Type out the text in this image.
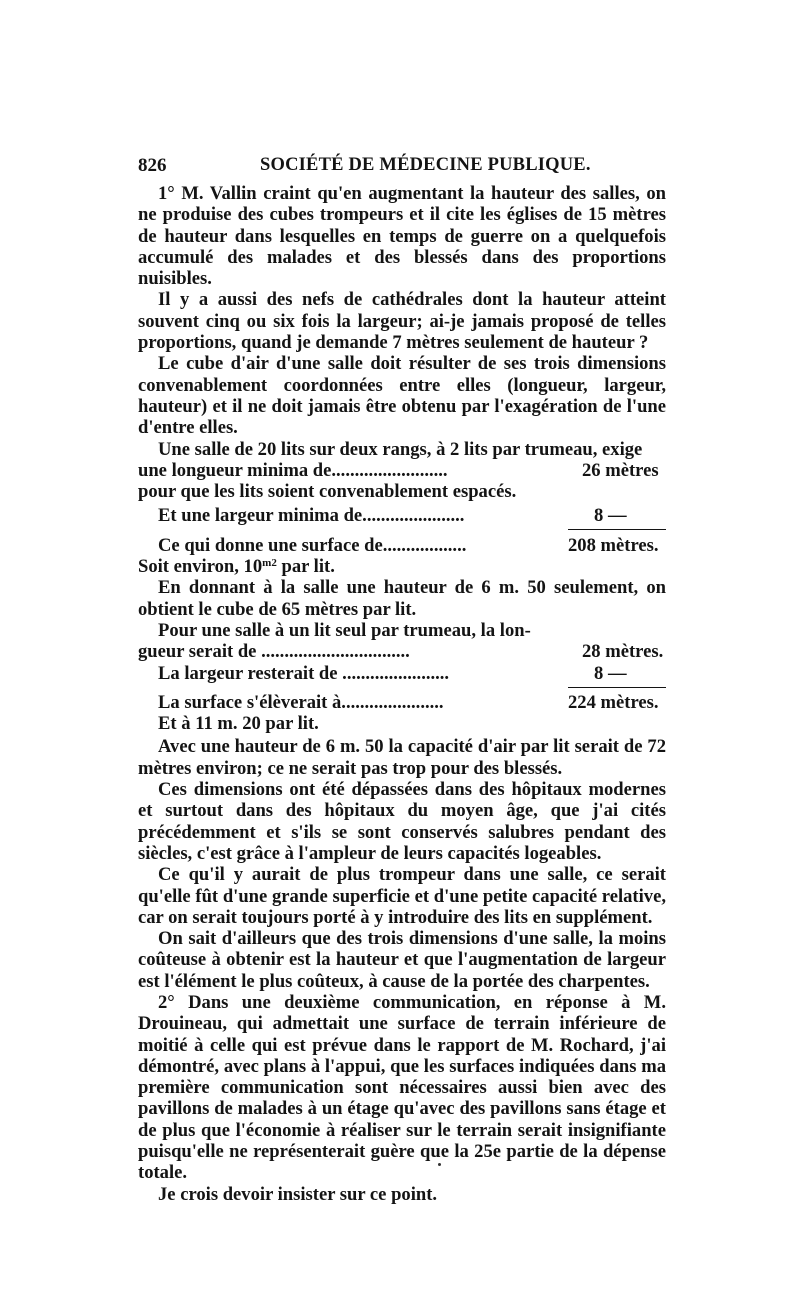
826	SOCIÉTÉ DE MÉDECINE PUBLIQUE.

1° M. Vallin craint qu'en augmentant la hauteur des salles, on ne produise des cubes trompeurs et il cite les églises de 15 mètres de hauteur dans lesquelles en temps de guerre on a quelquefois accumulé des malades et des blessés dans des proportions nuisibles.

Il y a aussi des nefs de cathédrales dont la hauteur atteint souvent cinq ou six fois la largeur; ai-je jamais proposé de telles proportions, quand je demande 7 mètres seulement de hauteur ?

Le cube d'air d'une salle doit résulter de ses trois dimensions convenablement coordonnées entre elles (longueur, largeur, hauteur) et il ne doit jamais être obtenu par l'exagération de l'une d'entre elles.

Une salle de 20 lits sur deux rangs, à 2 lits par trumeau, exige

une longueur minima de.........................	26 mètres
pour que les lits soient convenablement espacés.
Et une largeur minima de......................	8 —
Ce qui donne une surface de..................	208 mètres.
Soit environ, $10^{m2}$ par lit.

En donnant à la salle une hauteur de 6 m. 50 seulement, on obtient le cube de 65 mètres par lit.

Pour une salle à un lit seul par trumeau, la lon-

gueur serait de ................................	28 mètres.
La largeur resterait de .......................	8 —
La surface s'élèverait à......................	224 mètres.
Et à 11 m. 20 par lit.

Avec une hauteur de 6 m. 50 la capacité d'air par lit serait de 72 mètres environ; ce ne serait pas trop pour des blessés.

Ces dimensions ont été dépassées dans des hôpitaux modernes et surtout dans des hôpitaux du moyen âge, que j'ai cités précédemment et s'ils se sont conservés salubres pendant des siècles, c'est grâce à l'ampleur de leurs capacités logeables.

Ce qu'il y aurait de plus trompeur dans une salle, ce serait qu'elle fût d'une grande superficie et d'une petite capacité relative, car on serait toujours porté à y introduire des lits en supplément.

On sait d'ailleurs que des trois dimensions d'une salle, la moins coûteuse à obtenir est la hauteur et que l'augmentation de largeur est l'élément le plus coûteux, à cause de la portée des charpentes.

2° Dans une deuxième communication, en réponse à M. Drouineau, qui admettait une surface de terrain inférieure de moitié à celle qui est prévue dans le rapport de M. Rochard, j'ai démontré, avec plans à l'appui, que les surfaces indiquées dans ma première communication sont nécessaires aussi bien avec des pavillons de malades à un étage qu'avec des pavillons sans étage et de plus que l'économie à réaliser sur le terrain serait insignifiante puisqu'elle ne représenterait guère que la 25e partie de la dépense totale.

Je crois devoir insister sur ce point.
